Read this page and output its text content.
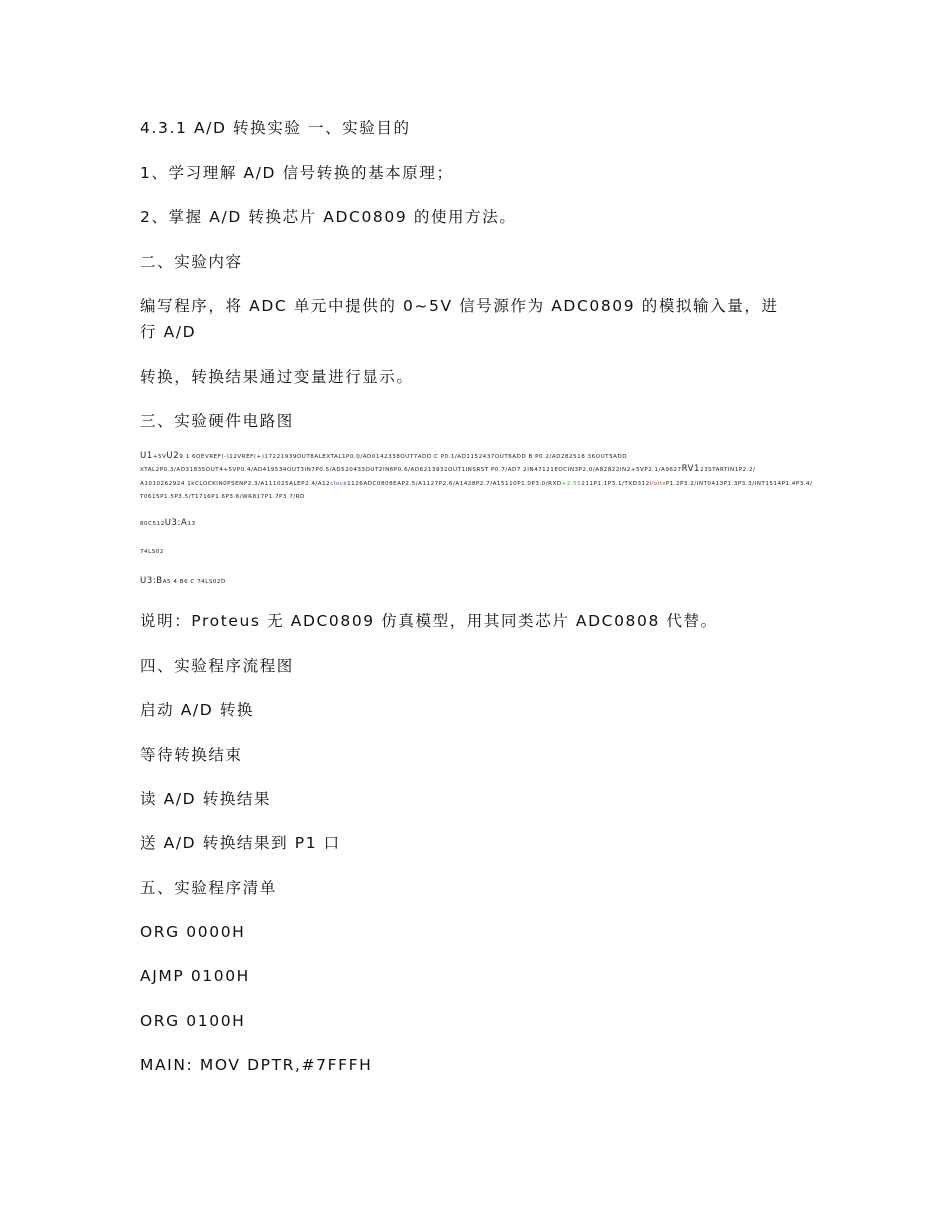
4.3.1 A/D 转换实验 一、实验目的
1、学习理解 A/D 信号转换的基本原理；
2、掌握 A/D 转换芯片 ADC0809 的使用方法。
二、实验内容
编写程序，将 ADC 单元中提供的 0~5V 信号源作为 ADC0809 的模拟输入量，进行 A/D
转换，转换结果通过变量进行显示。
三、实验硬件电路图
U1+5VU29 1 6OEVREF(-)12VREF(+)17221939OUT8ALEXTAL1P0.0/AD0142338OUT7ADD C P0.1/AD1152437OUT6ADD B P0.2/AD282518 36OUT5ADD
XTAL2P0.3/AD31835OUT4+5VP0.4/AD419534OUT3IN7P0.5/AD520433OUT2IN6P0.6/AD6213932OUT1INSRST P0.7/AD7 2IN47121EOCIN3P2.0/A82822IN2+5VP2.1/A9627RV123STARTIN1P2.2/
A1010262924 1kCLOCKIN0PSENP2.3/A111025ALEP2.4/A12clock1126ADC0808EAP2.5/A1127P2.6/A1428P2.7/A15110P1.0P3.0/RXD+2.55211P1.1P3.1/TXD312VoltsP1.2P3.2/INT0413P1.3P3.3/INT1514P1.4P3.4/
T0615P1.5P3.5/T1716P1.6P3.6/WR817P1.7P3.7/RD
80C512U3:A13
74LS02
U3:BA5 4 B6 C 74LS02D
说明：Proteus 无 ADC0809 仿真模型，用其同类芯片 ADC0808 代替。
四、实验程序流程图
启动 A/D 转换
等待转换结束
读 A/D 转换结果
送 A/D 转换结果到 P1 口
五、实验程序清单
ORG 0000H
AJMP 0100H
ORG 0100H
MAIN: MOV DPTR,#7FFFH
